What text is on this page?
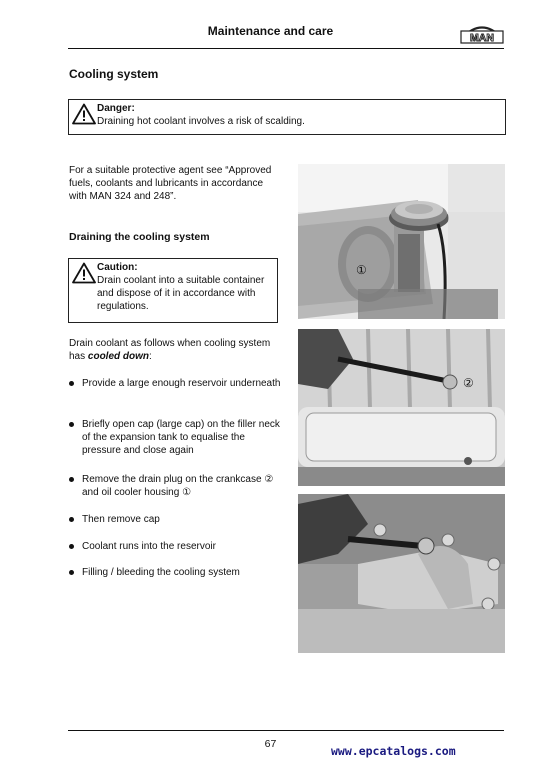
Maintenance and care	MAN
Cooling system
Danger:
Draining hot coolant involves a risk of scalding.
For a suitable protective agent see “Approved fuels, coolants and lubricants in accordance with MAN 324 and 248”.
Draining the cooling system
Caution:
Drain coolant into a suitable container and dispose of it in accordance with regulations.
Drain coolant as follows when cooling system has cooled down:
Provide a large enough reservoir underneath
Briefly open cap (large cap) on the filler neck of the expansion tank to equalise the pressure and close again
Remove the drain plug on the crankcase ② and oil cooler housing ①
Then remove cap
Coolant runs into the reservoir
Filling / bleeding the cooling system
①
②
67	www.epcatalogs.com
